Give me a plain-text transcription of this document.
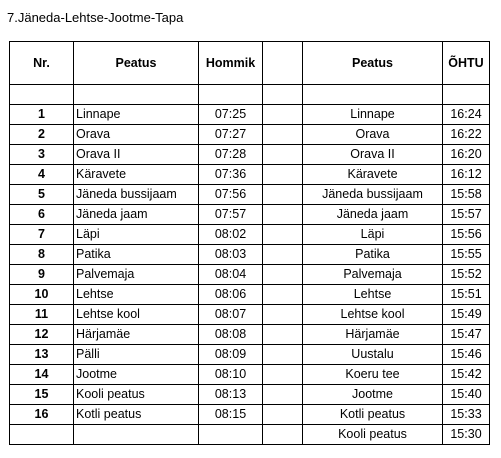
7.Jäneda-Lehtse-Jootme-Tapa
Nr.	Peatus	Hommik		Peatus	ÕHTU

1	Linnape	07:25		Linnape	16:24
2	Orava	07:27		Orava	16:22
3	Orava II	07:28		Orava II	16:20
4	Käravete	07:36		Käravete	16:12
5	Jäneda bussijaam	07:56		Jäneda bussijaam	15:58
6	Jäneda jaam	07:57		Jäneda jaam	15:57
7	Läpi	08:02		Läpi	15:56
8	Patika	08:03		Patika	15:55
9	Palvemaja	08:04		Palvemaja	15:52
10	Lehtse	08:06		Lehtse	15:51
11	Lehtse kool	08:07		Lehtse kool	15:49
12	Härjamäe	08:08		Härjamäe	15:47
13	Pälli	08:09		Uustalu	15:46
14	Jootme	08:10		Koeru tee	15:42
15	Kooli peatus	08:13		Jootme	15:40
16	Kotli peatus	08:15		Kotli peatus	15:33
				Kooli peatus	15:30
